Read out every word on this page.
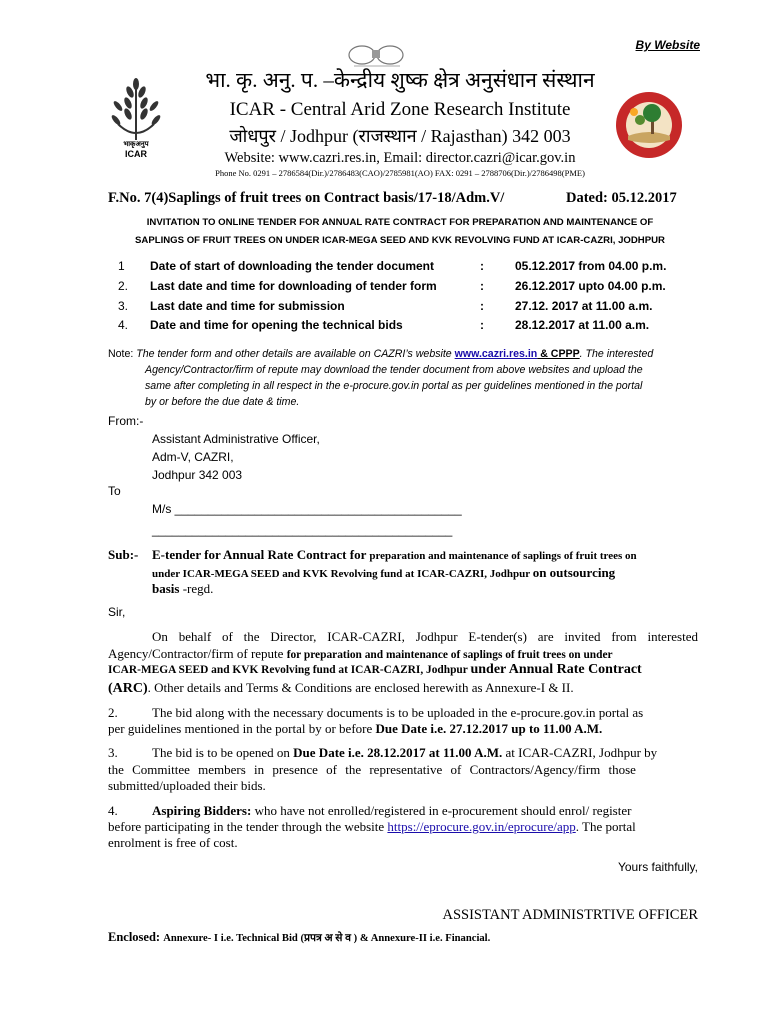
By Website
भाकृअनुप
ICAR
भा. कृ. अनु. प. –केन्द्रीय शुष्क क्षेत्र अनुसंधान संस्थान
ICAR - Central Arid Zone Research Institute
जोधपुर / Jodhpur (राजस्थान / Rajasthan) 342 003
Website: www.cazri.res.in, Email: director.cazri@icar.gov.in
Phone No. 0291 – 2786584(Dir.)/2786483(CAO)/2785981(AO) FAX: 0291 – 2788706(Dir.)/2786498(PME)
F.No. 7(4)Saplings of fruit trees on Contract basis/17-18/Adm.V/	Dated: 05.12.2017
INVITATION TO ONLINE TENDER FOR ANNUAL RATE CONTRACT FOR PREPARATION AND MAINTENANCE OF
SAPLINGS OF FRUIT TREES ON UNDER ICAR-MEGA SEED AND KVK REVOLVING FUND AT ICAR-CAZRI, JODHPUR
1 Date of start of downloading the tender document	:	05.12.2017 from 04.00 p.m.
2. Last date and time for downloading of tender form	:	26.12.2017 upto 04.00 p.m.
3. Last date and time for submission	:	27.12. 2017 at 11.00 a.m.
4. Date and time for opening the technical bids	:	28.12.2017 at 11.00 a.m.
Note: The tender form and other details are available on CAZRI’s website www.cazri.res.in & CPPP. The interested
Agency/Contractor/firm of repute may download the tender document from above websites and upload the
same after completing in all respect in the e-procure.gov.in portal as per guidelines mentioned in the portal
by or before the due date & time.
From:-
Assistant Administrative Officer,
Adm-V, CAZRI,
Jodhpur 342 003
To
M/s ___________________________________________
_____________________________________________
Sub:- E-tender for Annual Rate Contract for preparation and maintenance of saplings of fruit trees on
under ICAR-MEGA SEED and KVK Revolving fund at ICAR-CAZRI, Jodhpur on outsourcing
basis -regd.
Sir,
On behalf of the Director, ICAR-CAZRI, Jodhpur E-tender(s) are invited from interested
Agency/Contractor/firm of repute for preparation and maintenance of saplings of fruit trees on under
ICAR-MEGA SEED and KVK Revolving fund at ICAR-CAZRI, Jodhpur under Annual Rate Contract
(ARC). Other details and Terms & Conditions are enclosed herewith as Annexure-I & II.
2.	The bid along with the necessary documents is to be uploaded in the e-procure.gov.in portal as
per guidelines mentioned in the portal by or before Due Date i.e. 27.12.2017 up to 11.00 A.M.
3.	The bid is to be opened on Due Date i.e. 28.12.2017 at 11.00 A.M. at ICAR-CAZRI, Jodhpur by
the Committee members in presence of the representative of Contractors/Agency/firm those
submitted/uploaded their bids.
4.	Aspiring Bidders: who have not enrolled/registered in e-procurement should enrol/ register
before participating in the tender through the website https://eprocure.gov.in/eprocure/app. The portal
enrolment is free of cost.
Yours faithfully,
ASSISTANT ADMINISTRTIVE OFFICER
Enclosed: Annexure- I i.e. Technical Bid (प्रपत्र अ से व ) & Annexure-II i.e. Financial.
